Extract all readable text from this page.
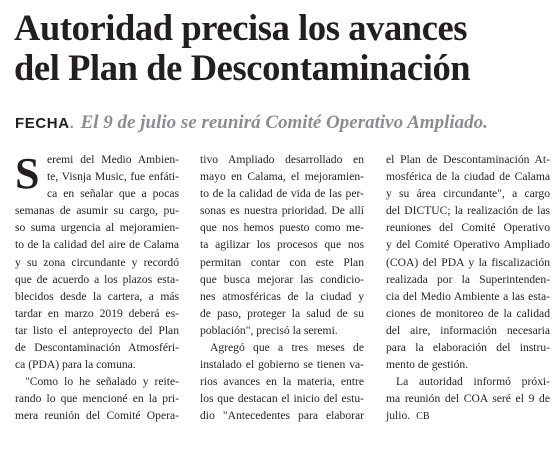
Autoridad precisa los avances
del Plan de Descontaminación
FECHA. El 9 de julio se reunirá Comité Operativo Ampliado.
S eremi del Medio Ambien-
te, Visnja Music, fue enfáti-
ca en señalar que a pocas
semanas de asumir su cargo, pu-
so suma urgencia al mejoramien-
to de la calidad del aire de Calama
y su zona circundante y recordó
que de acuerdo a los plazos esta-
blecidos desde la cartera, a más
tardar en marzo 2019 deberá es-
tar listo el anteproyecto del Plan
de Descontaminación Atmosféri-
ca (PDA) para la comuna.
"Como lo he señalado y reite-
rando lo que mencioné en la pri-
mera reunión del Comité Opera-
tivo Ampliado desarrollado en
mayo en Calama, el mejoramien-
to de la calidad de vida de las per-
sonas es nuestra prioridad. De allí
que nos hemos puesto como me-
ta agilizar los procesos que nos
permitan contar con este Plan
que busca mejorar las condicio-
nes atmosféricas de la ciudad y
de paso, proteger la salud de su
población", precisó la seremi.
Agregó que a tres meses de
instalado el gobierno se tienen va-
rios avances en la materia, entre
los que destacan el inicio del estu-
dio "Antecedentes para elaborar
el Plan de Descontaminación At-
mosférica de la ciudad de Calama
y su área circundante", a cargo
del DICTUC; la realización de las
reuniones del Comité Operativo
y del Comité Operativo Ampliado
(COA) del PDA y la fiscalización
realizada por la Superintenden-
cia del Medio Ambiente a las esta-
ciones de monitoreo de la calidad
del aire, información necesaria
para la elaboración del instru-
mento de gestión.
La autoridad informó próxi-
ma reunión del COA seré el 9 de
julio. CB
